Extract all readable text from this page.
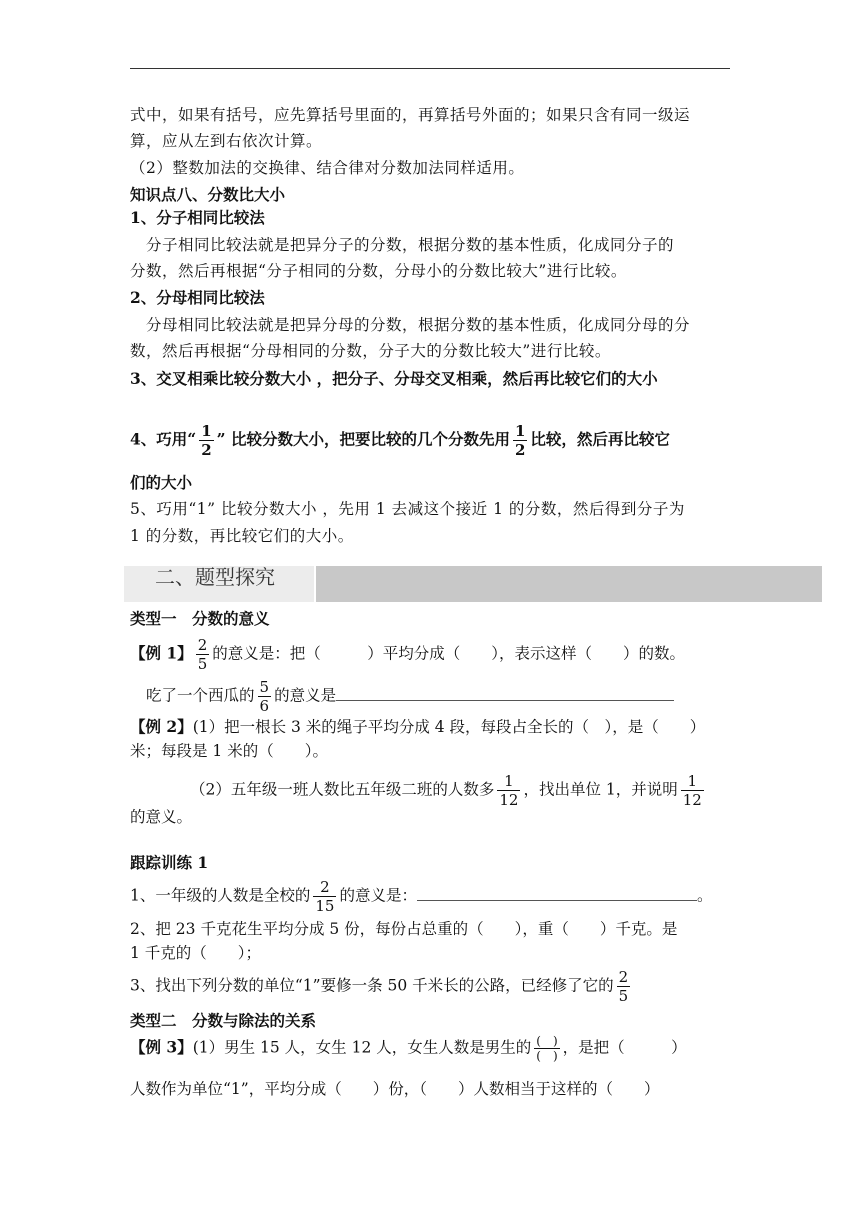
式中，如果有括号，应先算括号里面的，再算括号外面的；如果只含有同一级运
算，应从左到右依次计算。
（2）整数加法的交换律、结合律对分数加法同样适用。
知识点八、分数比大小
1、分子相同比较法
分子相同比较法就是把异分子的分数，根据分数的基本性质，化成同分子的
分数，然后再根据“分子相同的分数，分母小的分数比较大”进行比较。
2、分母相同比较法
分母相同比较法就是把异分母的分数，根据分数的基本性质，化成同分母的分
数，然后再根据“分母相同的分数，分子大的分数比较大”进行比较。
3、交叉相乘比较分数大小 ，把分子、分母交叉相乘，然后再比较它们的大小
4、巧用“ $\frac{1}{2}$ ” 比较分数大小，把要比较的几个分数先用 $\frac{1}{2}$ 比较，然后再比较它
们的大小
5、巧用“1” 比较分数大小 ，先用 1 去减这个接近 1 的分数，然后得到分子为
1 的分数，再比较它们的大小。
二、题型探究
类型一　分数的意义
【例 1】 $\frac{2}{5}$ 的意义是：把（　　　）平均分成（　　），表示这样（　　）的数。
吃了一个西瓜的 $\frac{5}{6}$ 的意义是
【例 2】(1）把一根长 3 米的绳子平均分成 4 段，每段占全长的（　），是（　　）
米；每段是 1 米的（　　）。
（2）五年级一班人数比五年级二班的人数多 $\frac{1}{12}$ ，找出单位 1，并说明 $\frac{1}{12}$
的意义。
跟踪训练 1
1、一年级的人数是全校的 $\frac{2}{15}$ 的意义是：	。
2、把 23 千克花生平均分成 5 份，每份占总重的（　　），重（　　）千克。是
1 千克的（　　）；
3、找出下列分数的单位“1”要修一条 50 千米长的公路，已经修了它的 $\frac{2}{5}$
类型二　分数与除法的关系
【例 3】(1）男生 15 人，女生 12 人，女生人数是男生的 $\frac{( )}{( )}$ ，是把（　　　）
人数作为单位“1”，平均分成（　　）份，（　　）人数相当于这样的（　　）
